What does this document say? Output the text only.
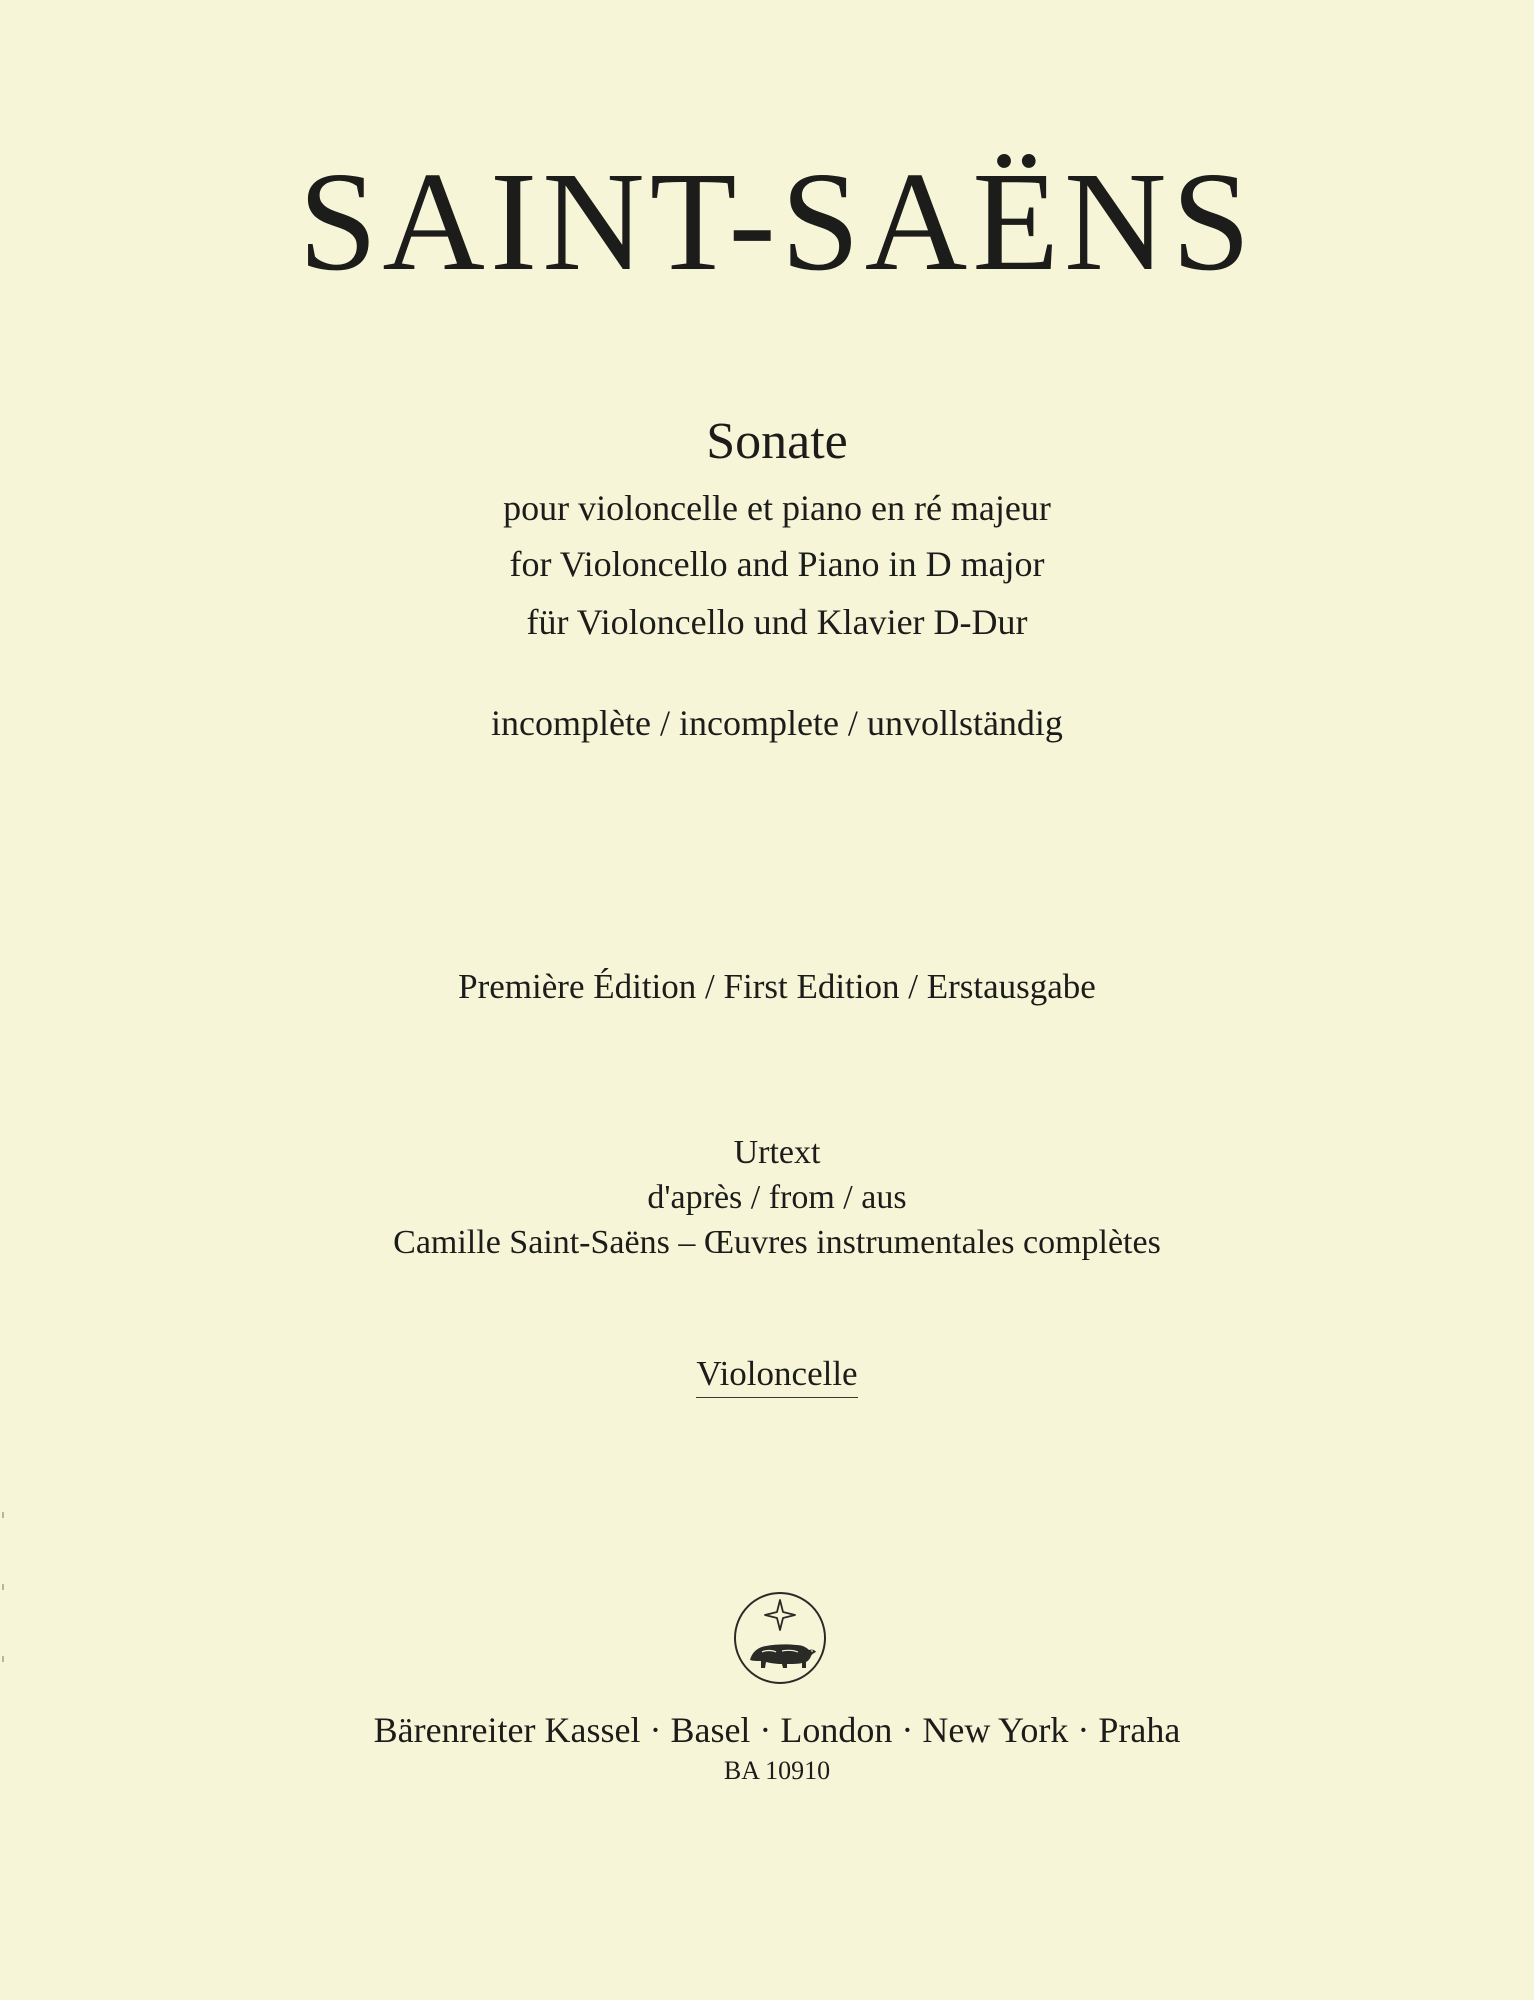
SAINT-SAËNS
Sonate
pour violoncelle et piano en ré majeur
for Violoncello and Piano in D major
für Violoncello und Klavier D-Dur
incomplète / incomplete / unvollständig
Première Édition / First Edition / Erstausgabe
Urtext
d'après / from / aus
Camille Saint-Saëns – Œuvres instrumentales complètes
Violoncelle
Bärenreiter Kassel · Basel · London · New York · Praha
BA 10910
